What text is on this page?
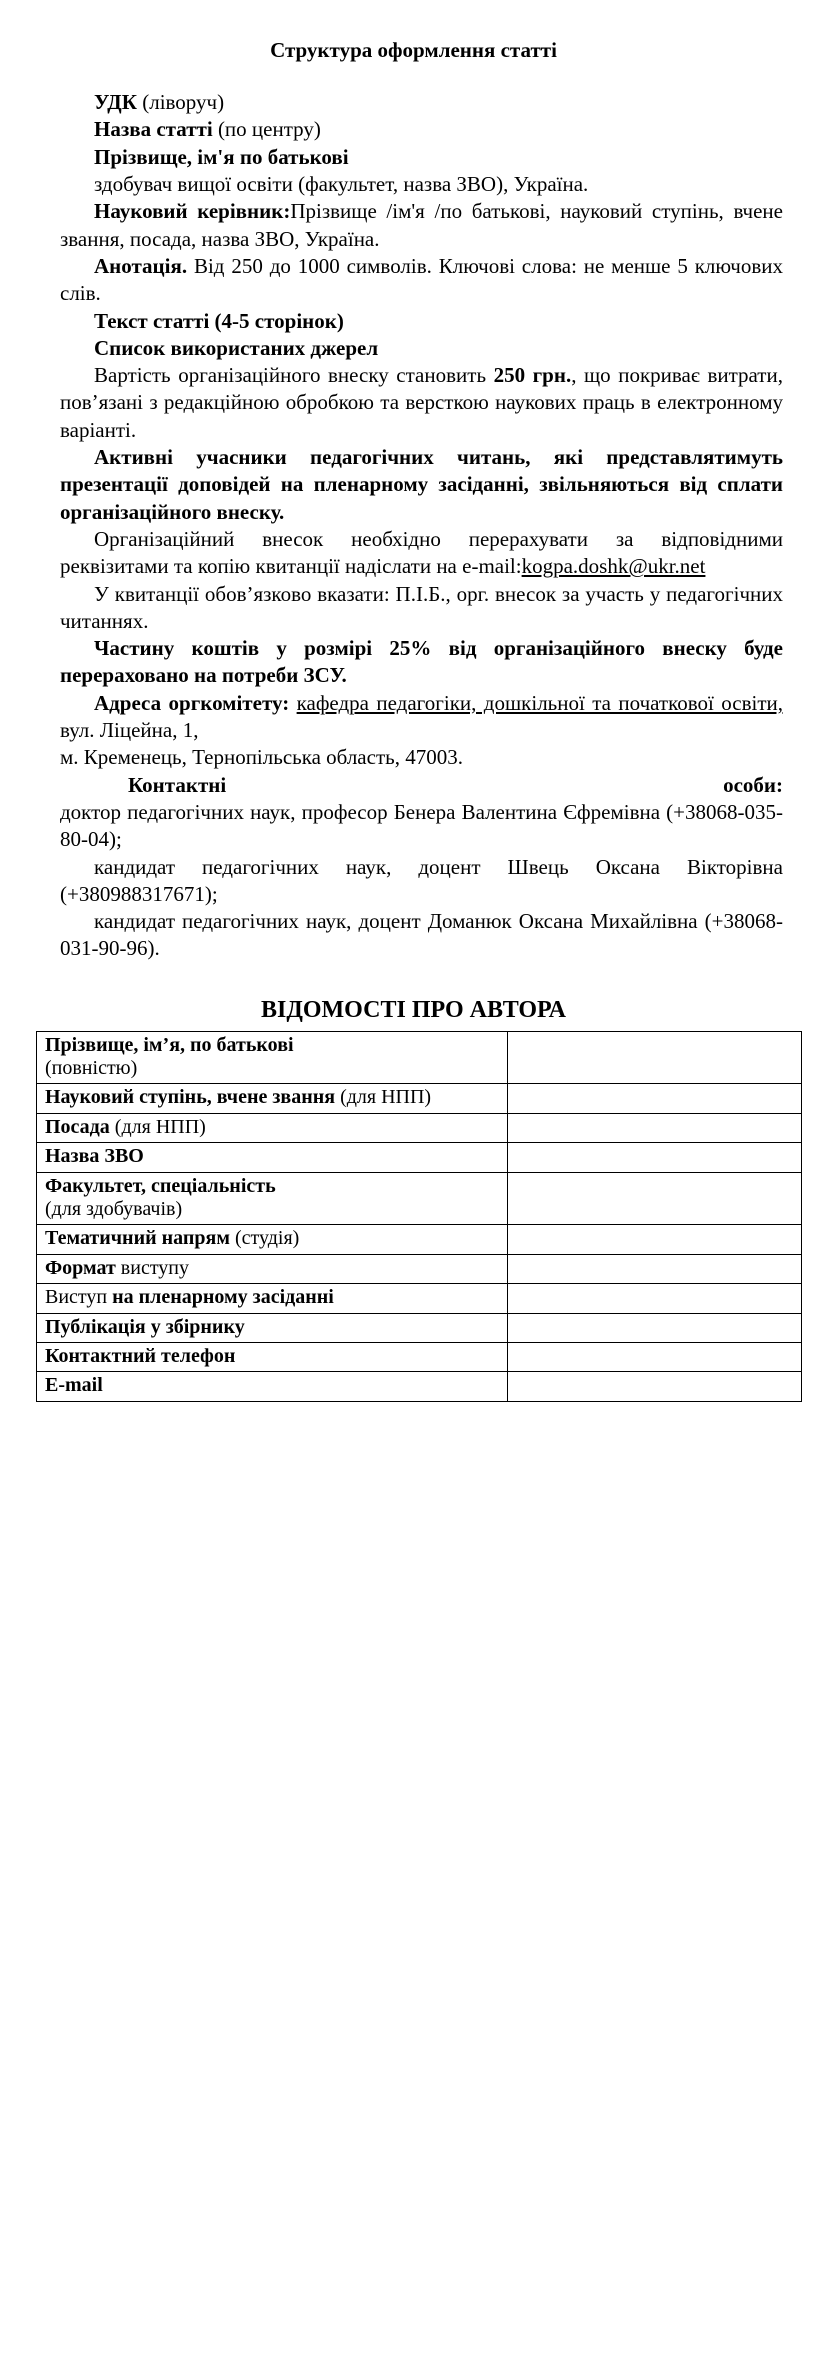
Структура оформлення статті

УДК (ліворуч)

Назва статті (по центру)

Прізвище, ім'я по батькові

здобувач вищої освіти (факультет, назва ЗВО), Україна.

Науковий керівник:Прізвище /ім'я /по батькові, науковий ступінь, вчене звання, посада, назва ЗВО, Україна.

Анотація. Від 250 до 1000 символів. Ключові слова: не менше 5 ключових слів.

Текст статті (4-5 сторінок)

Список використаних джерел

Вартість організаційного внеску становить 250 грн., що покриває витрати, пов’язані з редакційною обробкою та версткою наукових праць в електронному варіанті.

Активні учасники педагогічних читань, які представлятимуть презентації доповідей на пленарному засіданні, звільняються від сплати організаційного внеску.

Організаційний внесок необхідно перерахувати за відповідними реквізитами та копію квитанції надіслати на e-mail:kogpa.doshk@ukr.net

У квитанції обов’язково вказати: П.І.Б., орг. внесок за участь у педагогічних читаннях.

Частину коштів у розмірі 25% від організаційного внеску буде перераховано на потреби ЗСУ.

Адреса оргкомітету: кафедра педагогіки, дошкільної та початкової освіти, вул. Ліцейна, 1,

м. Кременець, Тернопільська область, 47003.

Контактні	особи:

доктор педагогічних наук, професор Бенера Валентина Єфремівна (+38068-035-80-04);

кандидат педагогічних наук, доцент Швець Оксана Вікторівна (+380988317671);

кандидат педагогічних наук, доцент Доманюк Оксана Михайлівна (+38068-031-90-96).

ВІДОМОСТІ ПРО АВТОРА
Прізвище, ім’я, по батькові
(повністю)	
Науковий ступінь, вчене звання (для НПП)	
Посада (для НПП)	
Назва ЗВО	
Факультет, спеціальність
(для здобувачів)	
Тематичний напрям (студія)	
Формат виступу	
Виступ на пленарному засіданні	
Публікація у збірнику	
Контактний телефон	
E-mail	
